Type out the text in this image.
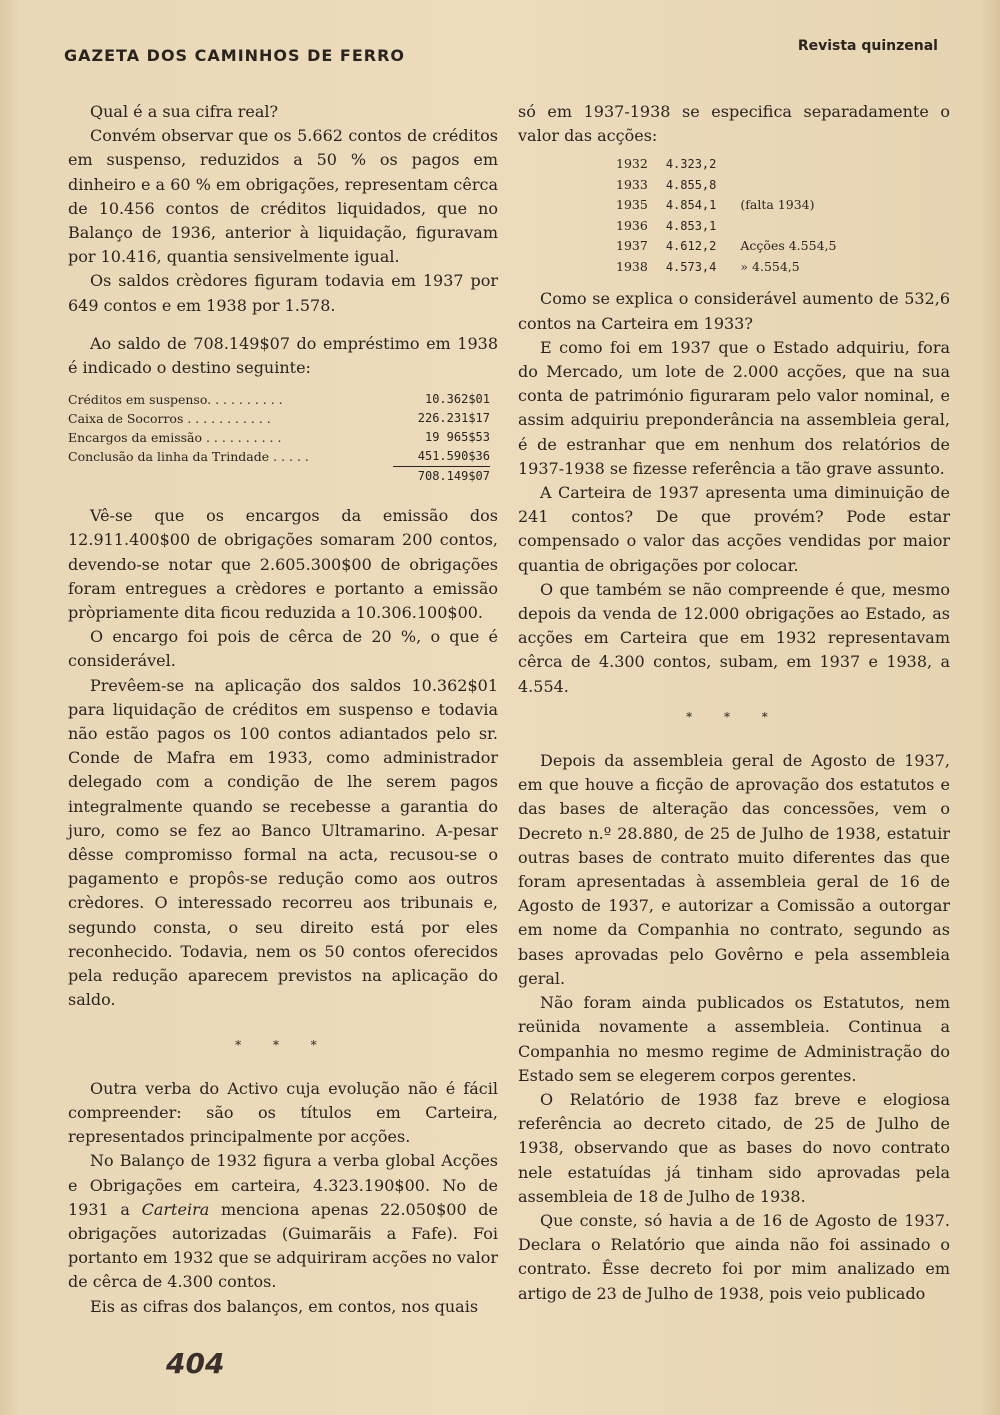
GAZETA DOS CAMINHOS DE FERRO	Revista quinzenal

Qual é a sua cifra real?

Convém observar que os 5.662 contos de créditos em suspenso, reduzidos a 50 % os pagos em dinheiro e a 60 % em obrigações, representam cêrca de 10.456 contos de créditos liquidados, que no Balanço de 1936, anterior à liquidação, figuravam por 10.416, quantia sensivelmente igual.

Os saldos crèdores figuram todavia em 1937 por 649 contos e em 1938 por 1.578.

Ao saldo de 708.149$07 do empréstimo em 1938 é indicado o destino seguinte:

Créditos em suspenso. . . . . . . . . .	10.362$01
Caixa de Socorros . . . . . . . . . . .	226.231$17
Encargos da emissão . . . . . . . . . .	19 965$53
Conclusão da linha da Trindade . . . . .	451.590$36
	708.149$07

Vê-se que os encargos da emissão dos 12.911.400$00 de obrigações somaram 200 contos, devendo-se notar que 2.605.300$00 de obrigações foram entregues a crèdores e portanto a emissão pròpriamente dita ficou reduzida a 10.306.100$00.

O encargo foi pois de cêrca de 20 %, o que é considerável.

Prevêem-se na aplicação dos saldos 10.362$01 para liquidação de créditos em suspenso e todavia não estão pagos os 100 contos adiantados pelo sr. Conde de Mafra em 1933, como administrador delegado com a condição de lhe serem pagos integralmente quando se recebesse a garantia do juro, como se fez ao Banco Ultramarino. A-pesar dêsse compromisso formal na acta, recusou-se o pagamento e propôs-se redução como aos outros crèdores. O interessado recorreu aos tribunais e, segundo consta, o seu direito está por eles reconhecido. Todavia, nem os 50 contos oferecidos pela redução aparecem previstos na aplicação do saldo.

* * *

Outra verba do Activo cuja evolução não é fácil compreender: são os títulos em Carteira, representados principalmente por acções.

No Balanço de 1932 figura a verba global Acções e Obrigações em carteira, 4.323.190$00. No de 1931 a Carteira menciona apenas 22.050$00 de obrigações autorizadas (Guimarãis a Fafe). Foi portanto em 1932 que se adquiriram acções no valor de cêrca de 4.300 contos.

Eis as cifras dos balanços, em contos, nos quais

só em 1937-1938 se especifica separadamente o valor das acções:

1932	4.323,2	
1933	4.855,8	
1935	4.854,1	(falta 1934)
1936	4.853,1	
1937	4.612,2	Acções 4.554,5
1938	4.573,4	» 4.554,5

Como se explica o considerável aumento de 532,6 contos na Carteira em 1933?

E como foi em 1937 que o Estado adquiriu, fora do Mercado, um lote de 2.000 acções, que na sua conta de património figuraram pelo valor nominal, e assim adquiriu preponderância na assembleia geral, é de estranhar que em nenhum dos relatórios de 1937-1938 se fizesse referência a tão grave assunto.

A Carteira de 1937 apresenta uma diminuição de 241 contos? De que provém? Pode estar compensado o valor das acções vendidas por maior quantia de obrigações por colocar.

O que também se não compreende é que, mesmo depois da venda de 12.000 obrigações ao Estado, as acções em Carteira que em 1932 representavam cêrca de 4.300 contos, subam, em 1937 e 1938, a 4.554.

* * *

Depois da assembleia geral de Agosto de 1937, em que houve a ficção de aprovação dos estatutos e das bases de alteração das concessões, vem o Decreto n.º 28.880, de 25 de Julho de 1938, estatuir outras bases de contrato muito diferentes das que foram apresentadas à assembleia geral de 16 de Agosto de 1937, e autorizar a Comissão a outorgar em nome da Companhia no contrato, segundo as bases aprovadas pelo Govêrno e pela assembleia geral.

Não foram ainda publicados os Estatutos, nem reünida novamente a assembleia. Continua a Companhia no mesmo regime de Administração do Estado sem se elegerem corpos gerentes.

O Relatório de 1938 faz breve e elogiosa referência ao decreto citado, de 25 de Julho de 1938, observando que as bases do novo contrato nele estatuídas já tinham sido aprovadas pela assembleia de 18 de Julho de 1938.

Que conste, só havia a de 16 de Agosto de 1937. Declara o Relatório que ainda não foi assinado o contrato. Êsse decreto foi por mim analizado em artigo de 23 de Julho de 1938, pois veio publicado

404
